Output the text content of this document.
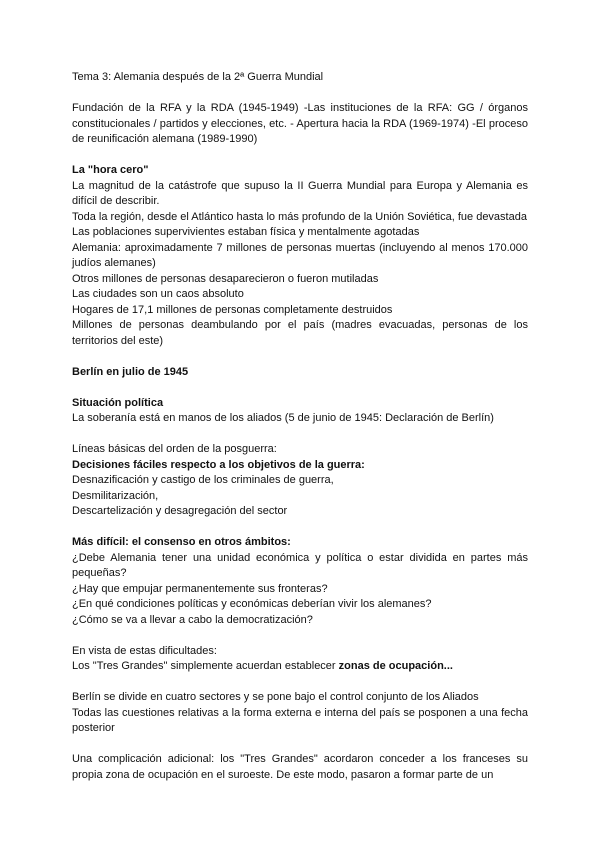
Tema 3: Alemania después de la 2ª Guerra Mundial

Fundación de la RFA y la RDA (1945-1949) -Las instituciones de la RFA: GG / órganos constitucionales / partidos y elecciones, etc. - Apertura hacia la RDA (1969-1974) -El proceso de reunificación alemana (1989-1990)

La "hora cero"

La magnitud de la catástrofe que supuso la II Guerra Mundial para Europa y Alemania es difícil de describir.

Toda la región, desde el Atlántico hasta lo más profundo de la Unión Soviética, fue devastada

Las poblaciones supervivientes estaban física y mentalmente agotadas

Alemania: aproximadamente 7 millones de personas muertas (incluyendo al menos 170.000 judíos alemanes)

Otros millones de personas desaparecieron o fueron mutiladas

Las ciudades son un caos absoluto

Hogares de 17,1 millones de personas completamente destruidos

Millones de personas deambulando por el país (madres evacuadas, personas de los territorios del este)

Berlín en julio de 1945

Situación política

La soberanía está en manos de los aliados (5 de junio de 1945: Declaración de Berlín)

Líneas básicas del orden de la posguerra:

Decisiones fáciles respecto a los objetivos de la guerra:

Desnazificación y castigo de los criminales de guerra,

Desmilitarización,

Descartelización y desagregación del sector

Más difícil: el consenso en otros ámbitos:

¿Debe Alemania tener una unidad económica y política o estar dividida en partes más pequeñas?

¿Hay que empujar permanentemente sus fronteras?

¿En qué condiciones políticas y económicas deberían vivir los alemanes?

¿Cómo se va a llevar a cabo la democratización?

En vista de estas dificultades:

Los "Tres Grandes" simplemente acuerdan establecer zonas de ocupación...

Berlín se divide en cuatro sectores y se pone bajo el control conjunto de los Aliados

Todas las cuestiones relativas a la forma externa e interna del país se posponen a una fecha posterior

Una complicación adicional: los "Tres Grandes" acordaron conceder a los franceses su propia zona de ocupación en el suroeste. De este modo, pasaron a formar parte de un
